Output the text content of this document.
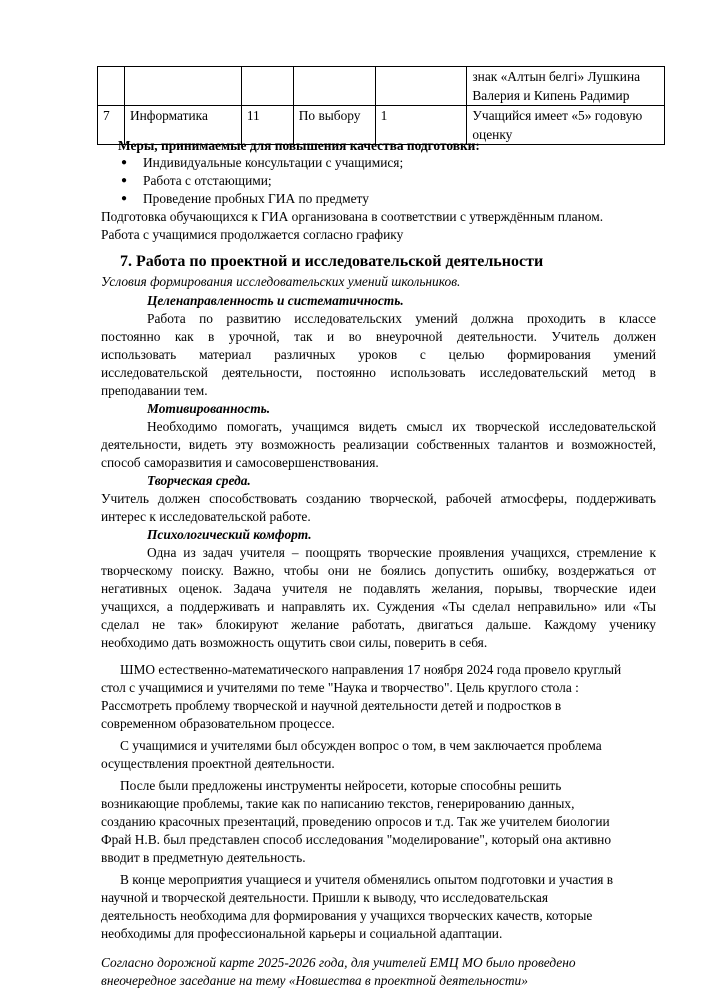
					знак «Алтын белгі» Лушкина
Валерия и Кипень Радимир

7	Информатика	11	По выбору	1	Учащийся имеет «5» годовую
оценку
Меры, принимаемые для повышения качества подготовки:
● Индивидуальные консультации с учащимися;
● Работа с отстающими;
● Проведение пробных ГИА по предмету
Подготовка обучающихся к ГИА организована в соответствии с утверждённым планом.
Работа с учащимися продолжается согласно графику
7. Работа по проектной и исследовательской деятельности
Условия формирования исследовательских умений школьников.
Целенаправленность и систематичность.
Работа по развитию исследовательских умений должна проходить в классе
постоянно как в урочной, так и во внеурочной деятельности. Учитель должен
использовать материал различных уроков с целью формирования умений
исследовательской деятельности, постоянно использовать исследовательский метод в
преподавании тем.
Мотивированность.
Необходимо помогать, учащимся видеть смысл их творческой исследовательской
деятельности, видеть эту возможность реализации собственных талантов и возможностей,
способ саморазвития и самосовершенствования.
Творческая среда.
Учитель должен способствовать созданию творческой, рабочей атмосферы, поддерживать
интерес к исследовательской работе.
Психологический комфорт.
Одна из задач учителя – поощрять творческие проявления учащихся, стремление к
творческому поиску. Важно, чтобы они не боялись допустить ошибку, воздержаться от
негативных оценок. Задача учителя не подавлять желания, порывы, творческие идеи
учащихся, а поддерживать и направлять их. Суждения «Ты сделал неправильно» или «Ты
сделал не так» блокируют желание работать, двигаться дальше. Каждому ученику
необходимо дать возможность ощутить свои силы, поверить в себя.
ШМО естественно-математического направления 17 ноября 2024 года провело круглый
стол с учащимися и учителями по теме "Наука и творчество". Цель круглого стола :
Рассмотреть проблему творческой и научной деятельности детей и подростков в
современном образовательном процессе.
С учащимися и учителями был обсужден вопрос о том, в чем заключается проблема
осуществления проектной деятельности.
После были предложены инструменты нейросети, которые способны решить
возникающие проблемы, такие как по написанию текстов, генерированию данных,
созданию красочных презентаций, проведению опросов и т.д. Так же учителем биологии
Фрай Н.В. был представлен способ исследования "моделирование", который она активно
вводит в предметную деятельность.
В конце мероприятия учащиеся и учителя обменялись опытом подготовки и участия в
научной и творческой деятельности. Пришли к выводу, что исследовательская
деятельность необходима для формирования у учащихся творческих качеств, которые
необходимы для профессиональной карьеры и социальной адаптации.
Согласно дорожной карте 2025-2026 года, для учителей ЕМЦ МО было проведено
внеочередное заседание на тему «Новшества в проектной деятельности»
